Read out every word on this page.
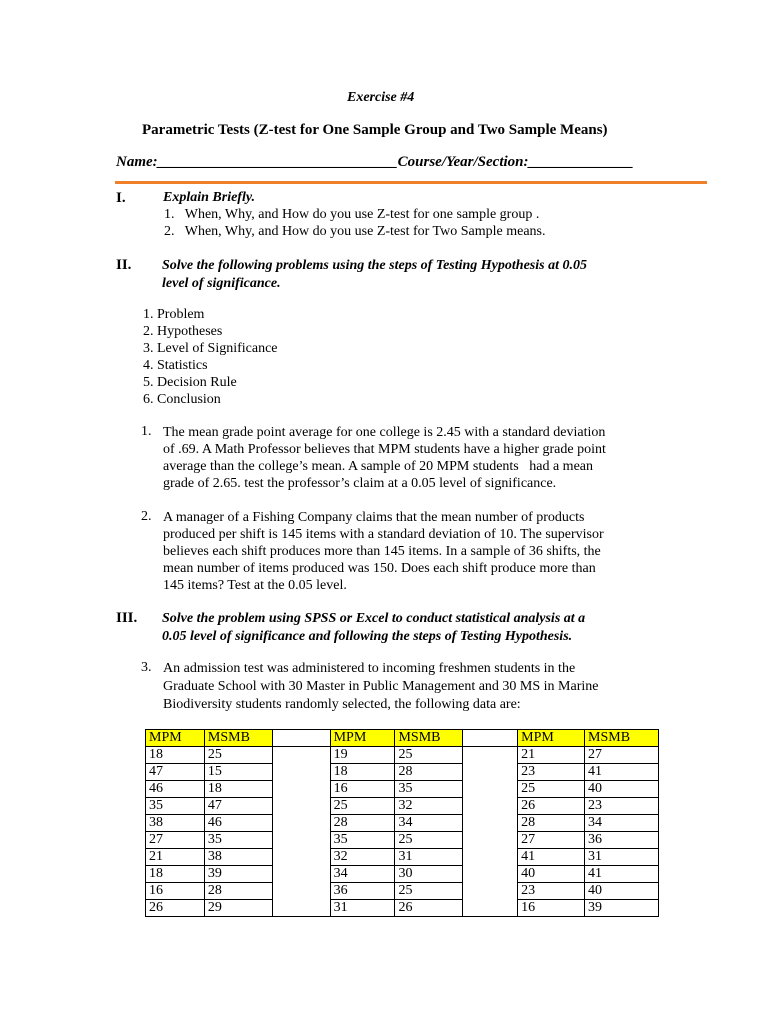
Exercise #4
Parametric Tests (Z-test for One Sample Group and Two Sample Means)
Name:________________________________Course/Year/Section:______________
I.	Explain Briefly.
1.   When, Why, and How do you use Z-test for one sample group .
2.   When, Why, and How do you use Z-test for Two Sample means.
II. Solve the following problems using the steps of Testing Hypothesis at 0.05
level of significance.
1. Problem
2. Hypotheses
3. Level of Significance
4. Statistics
5. Decision Rule
6. Conclusion
1. The mean grade point average for one college is 2.45 with a standard deviation
of .69. A Math Professor believes that MPM students have a higher grade point
average than the college’s mean. A sample of 20 MPM students   had a mean
grade of 2.65. test the professor’s claim at a 0.05 level of significance.
2. A manager of a Fishing Company claims that the mean number of products
produced per shift is 145 items with a standard deviation of 10. The supervisor
believes each shift produces more than 145 items. In a sample of 36 shifts, the
mean number of items produced was 150. Does each shift produce more than
145 items? Test at the 0.05 level.
III. Solve the problem using SPSS or Excel to conduct statistical analysis at a
0.05 level of significance and following the steps of Testing Hypothesis.
3. An admission test was administered to incoming freshmen students in the
Graduate School with 30 Master in Public Management and 30 MS in Marine
Biodiversity students randomly selected, the following data are:
MPM	MSMB		MPM	MSMB		MPM	MSMB
18	25		19	25		21	27
47	15		18	28		23	41
46	18		16	35		25	40
35	47		25	32		26	23
38	46		28	34		28	34
27	35		35	25		27	36
21	38		32	31		41	31
18	39		34	30		40	41
16	28		36	25		23	40
26	29		31	26		16	39
